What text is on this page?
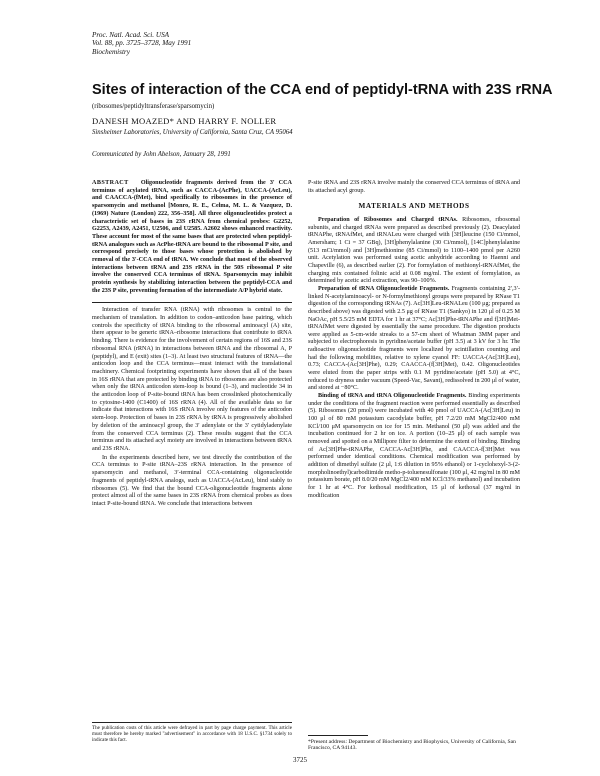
Proc. Natl. Acad. Sci. USA
Vol. 88, pp. 3725–3728, May 1991
Biochemistry
Sites of interaction of the CCA end of peptidyl-tRNA with 23S rRNA
(ribosomes/peptidyltransferase/sparsomycin)
DANESH MOAZED* AND HARRY F. NOLLER
Sinsheimer Laboratories, University of California, Santa Cruz, CA 95064
Communicated by John Abelson, January 28, 1991

ABSTRACT Oligonucleotide fragments derived from the 3′ CCA terminus of acylated tRNA, such as CACCA-(AcPhe), UACCA-(AcLeu), and CAACCA-(fMet), bind specifically to ribosomes in the presence of sparsomycin and methanol [Monro, R. E., Celma, M. L. & Vazquez, D. (1969) Nature (London) 222, 356–358]. All three oligonucleotides protect a characteristic set of bases in 23S rRNA from chemical probes: G2252, G2253, A2439, A2451, U2506, and U2585. A2602 shows enhanced reactivity. These account for most of the same bases that are protected when peptidyl-tRNA analogues such as AcPhe-tRNA are bound to the ribosomal P site, and correspond precisely to those bases whose protection is abolished by removal of the 3′-CCA end of tRNA. We conclude that most of the observed interactions between tRNA and 23S rRNA in the 50S ribosomal P site involve the conserved CCA terminus of tRNA. Sparsomycin may inhibit protein synthesis by stabilizing interaction between the peptidyl-CCA and the 23S P site, preventing formation of the intermediate A/P hybrid state.

Interaction of transfer RNA (tRNA) with ribosomes is central to the mechanism of translation. In addition to codon–anticodon base pairing, which controls the specificity of tRNA binding to the ribosomal aminoacyl (A) site, there appear to be generic tRNA–ribosome interactions that contribute to tRNA binding. There is evidence for the involvement of certain regions of 16S and 23S ribosomal RNA (rRNA) in interactions between tRNA and the ribosomal A, P (peptidyl), and E (exit) sites (1–3). At least two structural features of tRNA—the anticodon loop and the CCA terminus—must interact with the translational machinery. Chemical footprinting experiments have shown that all of the bases in 16S rRNA that are protected by binding tRNA to ribosomes are also protected when only the tRNA anticodon stem-loop is bound (1–3), and nucleotide 34 in the anticodon loop of P-site-bound tRNA has been crosslinked photochemically to cytosine-1400 (C1400) of 16S rRNA (4). All of the available data so far indicate that interactions with 16S rRNA involve only features of the anticodon stem-loop. Protection of bases in 23S rRNA by tRNA is progressively abolished by deletion of the aminoacyl group, the 3′ adenylate or the 3′ cytidyladenylate from the conserved CCA terminus (2). These results suggest that the CCA terminus and its attached acyl moiety are involved in interactions between tRNA and 23S rRNA.

In the experiments described here, we test directly the contribution of the CCA terminus to P-site tRNA–23S rRNA interaction. In the presence of sparsomycin and methanol, 3′-terminal CCA-containing oligonucleotide fragments of peptidyl-tRNA analogs, such as UACCA-(AcLeu), bind stably to ribosomes (5). We find that the bound CCA-oligonucleotide fragments alone protect almost all of the same bases in 23S rRNA from chemical probes as does intact P-site-bound tRNA. We conclude that interactions between

The publication costs of this article were defrayed in part by page charge payment. This article must therefore be hereby marked "advertisement" in accordance with 18 U.S.C. §1734 solely to indicate this fact.

P-site tRNA and 23S rRNA involve mainly the conserved CCA terminus of tRNA and its attached acyl group.

MATERIALS AND METHODS

Preparation of Ribosomes and Charged tRNAs. Ribosomes, ribosomal subunits, and charged tRNAs were prepared as described previously (2). Deacylated tRNAPhe, tRNAfMet, and tRNALeu were charged with [3H]leucine (150 Ci/mmol, Amersham; 1 Ci = 37 GBq), [3H]phenylalanine (30 Ci/mmol), [14C]phenylalanine (513 mCi/mmol) and [3H]methionine (85 Ci/mmol) to 1100–1400 pmol per A260 unit. Acetylation was performed using acetic anhydride according to Haenni and Chapeville (6), as described earlier (2). For formylation of methionyl-tRNAfMet, the charging mix contained folinic acid at 0.08 mg/ml. The extent of formylation, as determined by acetic acid extraction, was 90–100%.

Preparation of tRNA Oligonucleotide Fragments. Fragments containing 2′,3′-linked N-acetylaminoacyl- or N-formylmethionyl groups were prepared by RNase T1 digestion of the corresponding tRNAs (7). Ac[3H]Leu-tRNALeu (100 μg; prepared as described above) was digested with 2.5 μg of RNase T1 (Sankyo) in 120 μl of 0.25 M NaOAc, pH 5.5/25 mM EDTA for 1 hr at 37°C; Ac[3H]Phe-tRNAPhe and f[3H]Met-tRNAfMet were digested by essentially the same procedure. The digestion products were applied as 5-cm-wide streaks to a 57-cm sheet of Whatman 3MM paper and subjected to electrophoresis in pyridine/acetate buffer (pH 3.5) at 3 kV for 3 hr. The radioactive oligonucleotide fragments were localized by scintillation counting and had the following mobilities, relative to xylene cyanol FF: UACCA-(Ac[3H]Leu), 0.73; CACCA-(Ac[3H]Phe), 0.29; CAACCA-(f[3H]Met), 0.42. Oligonucleotides were eluted from the paper strips with 0.1 M pyridine/acetate (pH 5.0) at 4°C, reduced to dryness under vacuum (Speed-Vac, Savant), redissolved in 200 μl of water, and stored at −80°C.

Binding of tRNA and tRNA Oligonucleotide Fragments. Binding experiments under the conditions of the fragment reaction were performed essentially as described (5). Ribosomes (20 pmol) were incubated with 40 pmol of UACCA-(Ac[3H]Leu) in 100 μl of 80 mM potassium cacodylate buffer, pH 7.2/20 mM MgCl2/400 mM KCl/100 μM sparsomycin on ice for 15 min. Methanol (50 μl) was added and the incubation continued for 2 hr on ice. A portion (10–25 μl) of each sample was removed and spotted on a Millipore filter to determine the extent of binding. Binding of Ac[3H]Phe-tRNAPhe, CACCA-Ac[3H]Phe, and CAACCA-f[3H]Met was performed under identical conditions. Chemical modification was performed by addition of dimethyl sulfate (2 μl, 1:6 dilution in 95% ethanol) or 1-cyclohexyl-3-(2-morpholinoethyl)carbodiimide metho-p-toluenesulfonate (100 μl, 42 mg/ml in 80 mM potassium borate, pH 8.0/20 mM MgCl2/400 mM KCl/33% methanol) and incubation for 1 hr at 4°C. For kethoxal modification, 15 μl of kethoxal (37 mg/ml in modification

*Present address: Department of Biochemistry and Biophysics, University of California, San Francisco, CA 94143.
3725
